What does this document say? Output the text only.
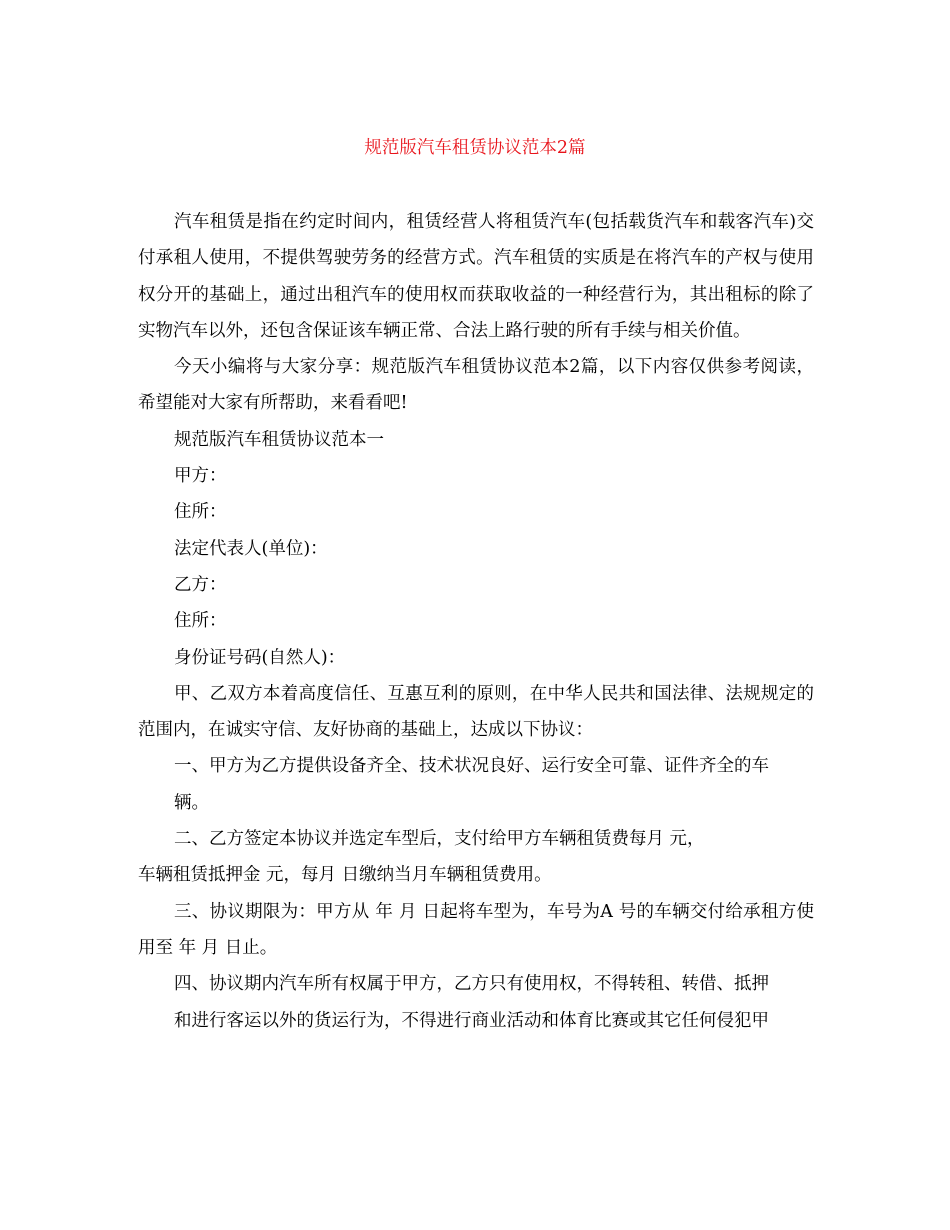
规范版汽车租赁协议范本2篇

汽车租赁是指在约定时间内，租赁经营人将租赁汽车(包括载货汽车和载客汽车)交付承租人使用，不提供驾驶劳务的经营方式。汽车租赁的实质是在将汽车的产权与使用权分开的基础上，通过出租汽车的使用权而获取收益的一种经营行为，其出租标的除了实物汽车以外，还包含保证该车辆正常、合法上路行驶的所有手续与相关价值。

今天小编将与大家分享：规范版汽车租赁协议范本2篇，以下内容仅供参考阅读，希望能对大家有所帮助，来看看吧!

规范版汽车租赁协议范本一

甲方：

住所：

法定代表人(单位)：

乙方：

住所：

身份证号码(自然人)：

甲、乙双方本着高度信任、互惠互利的原则，在中华人民共和国法律、法规规定的范围内，在诚实守信、友好协商的基础上，达成以下协议：

一、甲方为乙方提供设备齐全、技术状况良好、运行安全可靠、证件齐全的车

辆。

二、乙方签定本协议并选定车型后，支付给甲方车辆租赁费每月 元，

车辆租赁抵押金 元，每月 日缴纳当月车辆租赁费用。

三、协议期限为：甲方从 年 月 日起将车型为，车号为A 号的车辆交付给承租方使用至 年 月 日止。

四、协议期内汽车所有权属于甲方，乙方只有使用权，不得转租、转借、抵押

和进行客运以外的货运行为，不得进行商业活动和体育比赛或其它任何侵犯甲
